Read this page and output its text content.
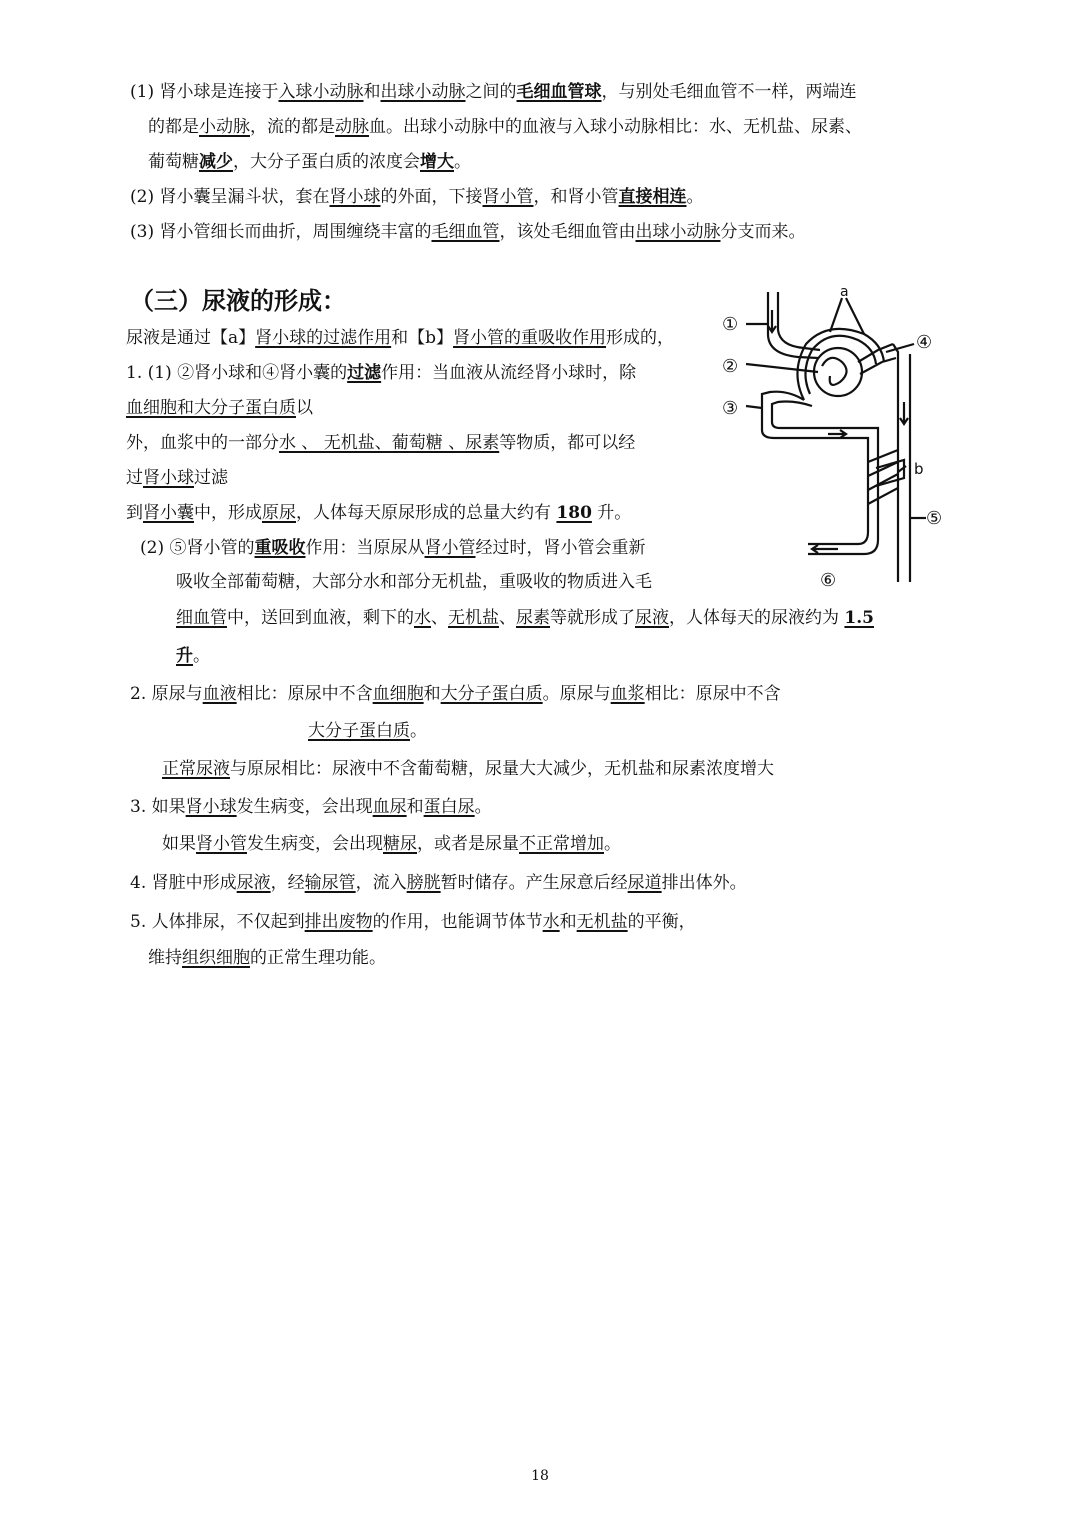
(1) 肾小球是连接于入球小动脉和出球小动脉之间的毛细血管球，与别处毛细血管不一样，两端连
的都是小动脉，流的都是动脉血。出球小动脉中的血液与入球小动脉相比：水、无机盐、尿素、
葡萄糖减少，大分子蛋白质的浓度会增大。
(2) 肾小囊呈漏斗状，套在肾小球的外面，下接肾小管，和肾小管直接相连。
(3) 肾小管细长而曲折，周围缠绕丰富的毛细血管，该处毛细血管由出球小动脉分支而来。
（三）尿液的形成：
尿液是通过【a】肾小球的过滤作用和【b】肾小管的重吸收作用形成的，
1. (1) ②肾小球和④肾小囊的过滤作用：当血液从流经肾小球时，除
血细胞和大分子蛋白质以
外，血浆中的一部分水 、 无机盐、葡萄糖 、尿素等物质，都可以经
过肾小球过滤
到肾小囊中，形成原尿，人体每天原尿形成的总量大约有 180 升。
(2) ⑤肾小管的重吸收作用：当原尿从肾小管经过时，肾小管会重新
吸收全部葡萄糖，大部分水和部分无机盐，重吸收的物质进入毛
细血管中，送回到血液，剩下的水、无机盐、尿素等就形成了尿液，人体每天的尿液约为 1.5
升。
2. 原尿与血液相比：原尿中不含血细胞和大分子蛋白质。原尿与血浆相比：原尿中不含
大分子蛋白质。
正常尿液与原尿相比：尿液中不含葡萄糖，尿量大大减少，无机盐和尿素浓度增大
3. 如果肾小球发生病变，会出现血尿和蛋白尿。
如果肾小管发生病变，会出现糖尿，或者是尿量不正常增加。
4. 肾脏中形成尿液，经输尿管，流入膀胱暂时储存。产生尿意后经尿道排出体外。
5. 人体排尿，不仅起到排出废物的作用，也能调节体节水和无机盐的平衡，
维持组织细胞的正常生理功能。
a
①
②
③
④
b
⑤
⑥
18
